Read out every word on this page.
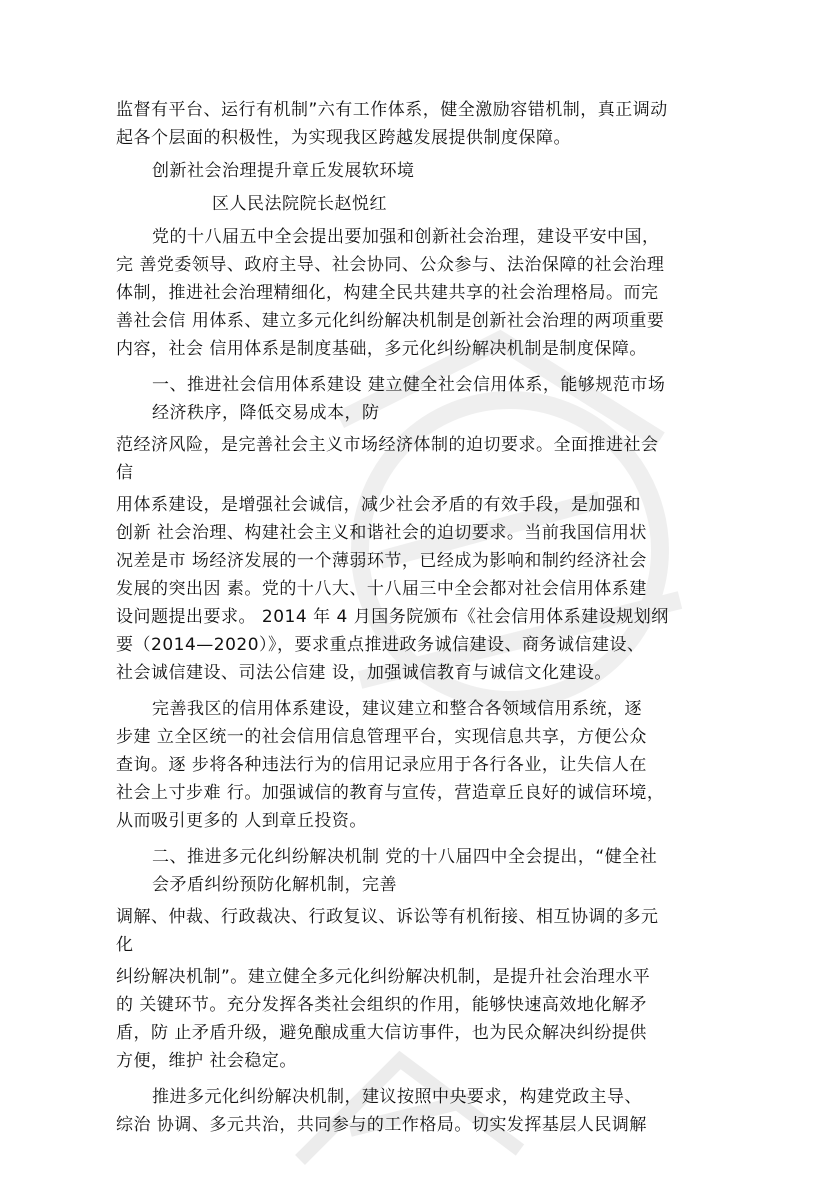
监督有平台、运行有机制”六有工作体系，健全激励容错机制，真正调动
起各个层面的积极性，为实现我区跨越发展提供制度保障。
创新社会治理提升章丘发展软环境
区人民法院院长赵悦红
党的十八届五中全会提出要加强和创新社会治理，建设平安中国，
完 善党委领导、政府主导、社会协同、公众参与、法治保障的社会治理
体制，推进社会治理精细化，构建全民共建共享的社会治理格局。而完
善社会信 用体系、建立多元化纠纷解决机制是创新社会治理的两项重要
内容，社会 信用体系是制度基础，多元化纠纷解决机制是制度保障。
一、推进社会信用体系建设 建立健全社会信用体系，能够规范市场
经济秩序，降低交易成本，防
范经济风险，是完善社会主义市场经济体制的迫切要求。全面推进社会
信
用体系建设，是增强社会诚信，减少社会矛盾的有效手段，是加强和
创新 社会治理、构建社会主义和谐社会的迫切要求。当前我国信用状
况差是市 场经济发展的一个薄弱环节，已经成为影响和制约经济社会
发展的突出因 素。党的十八大、十八届三中全会都对社会信用体系建
设问题提出要求。 2014 年 4 月国务院颁布《社会信用体系建设规划纲
要（2014—2020）》，要求重点推进政务诚信建设、商务诚信建设、
社会诚信建设、司法公信建 设，加强诚信教育与诚信文化建设。
完善我区的信用体系建设，建议建立和整合各领域信用系统，逐
步建 立全区统一的社会信用信息管理平台，实现信息共享，方便公众
查询。逐 步将各种违法行为的信用记录应用于各行各业，让失信人在
社会上寸步难 行。加强诚信的教育与宣传，营造章丘良好的诚信环境，
从而吸引更多的 人到章丘投资。
二、推进多元化纠纷解决机制 党的十八届四中全会提出，“健全社
会矛盾纠纷预防化解机制，完善
调解、仲裁、行政裁决、行政复议、诉讼等有机衔接、相互协调的多元
化
纠纷解决机制”。建立健全多元化纠纷解决机制，是提升社会治理水平
的 关键环节。充分发挥各类社会组织的作用，能够快速高效地化解矛
盾，防 止矛盾升级，避免酿成重大信访事件，也为民众解决纠纷提供
方便，维护 社会稳定。
推进多元化纠纷解决机制，建议按照中央要求，构建党政主导、
综治 协调、多元共治，共同参与的工作格局。切实发挥基层人民调解
